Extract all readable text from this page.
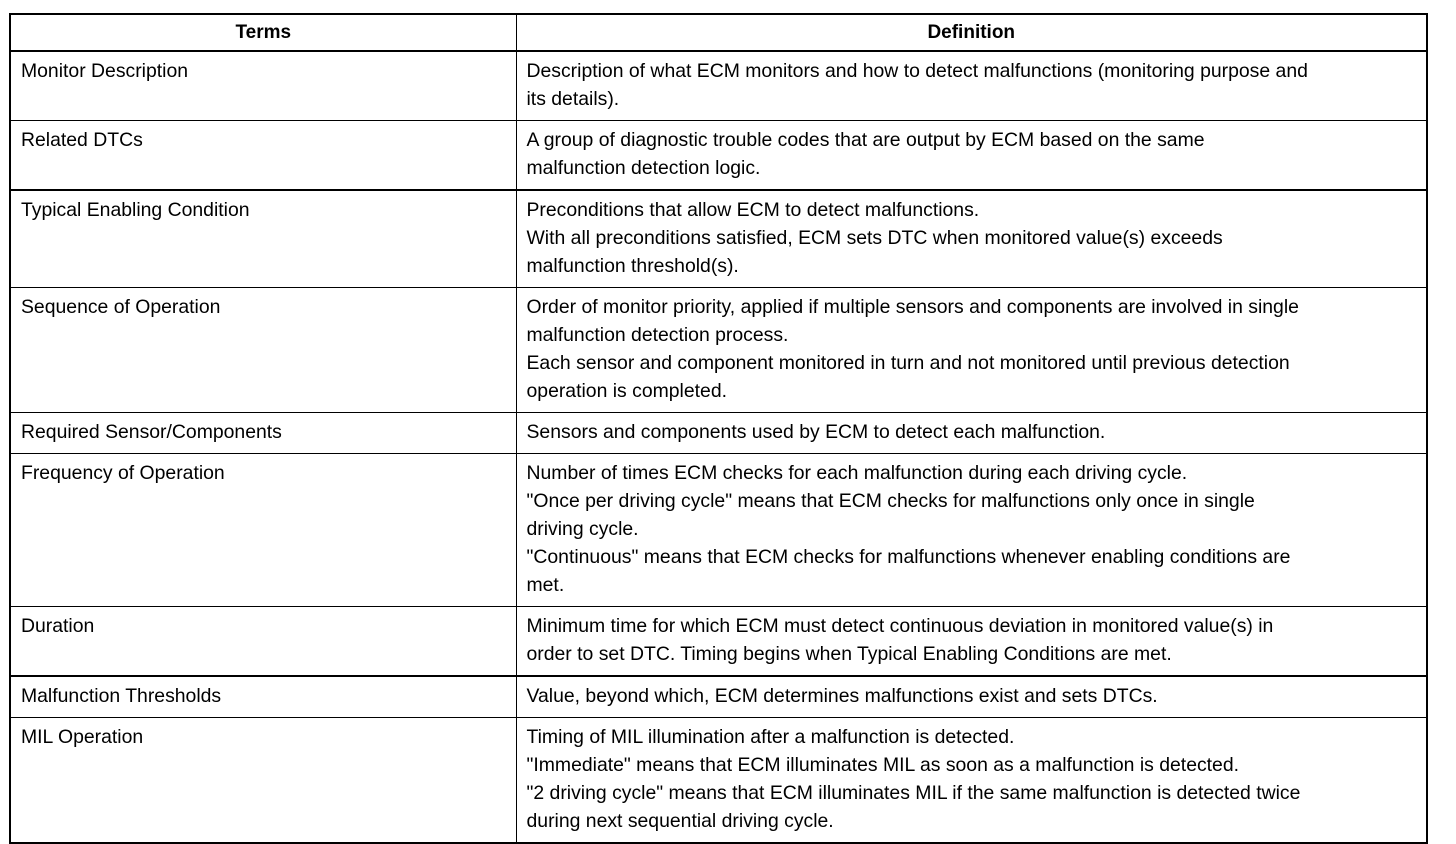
Terms	Definition

Monitor Description	Description of what ECM monitors and how to detect malfunctions (monitoring purpose and
its details).

Related DTCs	A group of diagnostic trouble codes that are output by ECM based on the same
malfunction detection logic.

Typical Enabling Condition	Preconditions that allow ECM to detect malfunctions.
With all preconditions satisfied, ECM sets DTC when monitored value(s) exceeds
malfunction threshold(s).

Sequence of Operation	Order of monitor priority, applied if multiple sensors and components are involved in single
malfunction detection process.
Each sensor and component monitored in turn and not monitored until previous detection
operation is completed.

Required Sensor/Components	Sensors and components used by ECM to detect each malfunction.

Frequency of Operation	Number of times ECM checks for each malfunction during each driving cycle.
"Once per driving cycle" means that ECM checks for malfunctions only once in single
driving cycle.
"Continuous" means that ECM checks for malfunctions whenever enabling conditions are
met.

Duration	Minimum time for which ECM must detect continuous deviation in monitored value(s) in
order to set DTC. Timing begins when Typical Enabling Conditions are met.

Malfunction Thresholds	Value, beyond which, ECM determines malfunctions exist and sets DTCs.

MIL Operation	Timing of MIL illumination after a malfunction is detected.
"Immediate" means that ECM illuminates MIL as soon as a malfunction is detected.
"2 driving cycle" means that ECM illuminates MIL if the same malfunction is detected twice
during next sequential driving cycle.
